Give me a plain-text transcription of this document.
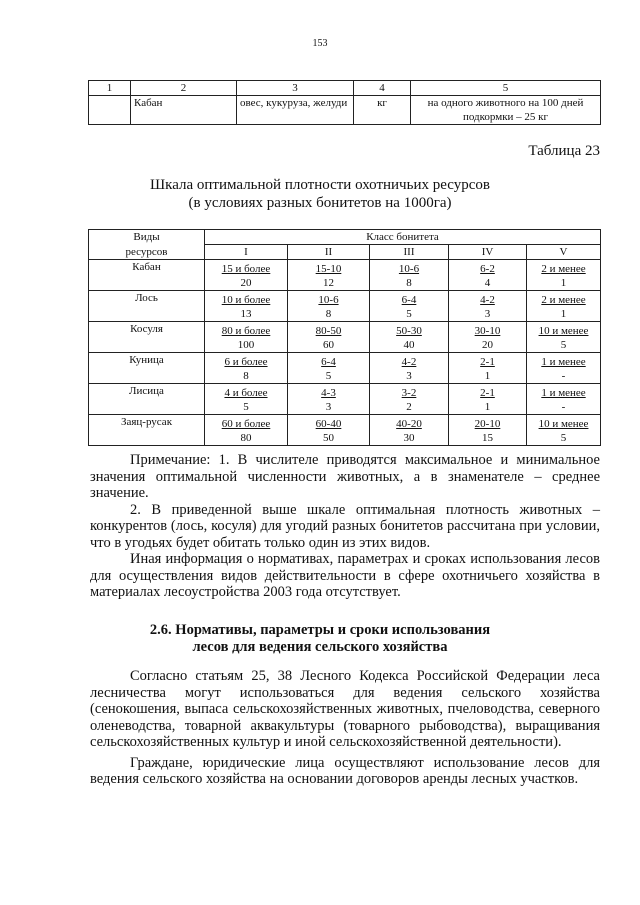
153
1	2	3	4	5
	Кабан	овес, кукуруза, желуди	кг	на одного животного на 100 дней подкормки – 25 кг
Таблица 23
Шкала оптимальной плотности охотничьих ресурсов
(в условиях разных бонитетов на 1000га)
Виды	Класс бонитета				
ресурсов	I	II	III	IV	V
Кабан	15 и более	15-10	10-6	6-2	2 и менее
	20	12	8	4	1
Лось	10 и более	10-6	6-4	4-2	2 и менее
	13	8	5	3	1
Косуля	80 и более	80-50	50-30	30-10	10 и менее
	100	60	40	20	5
Куница	6 и более	6-4	4-2	2-1	1 и менее
	8	5	3	1	-
Лисица	4 и более	4-3	3-2	2-1	1 и менее
	5	3	2	1	-
Заяц-русак	60 и более	60-40	40-20	20-10	10 и менее
	80	50	30	15	5

Примечание: 1. В числителе приводятся максимальное и минимальное значения оптимальной численности животных, а в знаменателе – среднее значение.

2. В приведенной выше шкале оптимальная плотность животных – конкурентов (лось, косуля) для угодий разных бонитетов рассчитана при условии, что в угодьях будет обитать только один из этих видов.

Иная информация о нормативах, параметрах и сроках использования лесов для осуществления видов действительности в сфере охотничьего хозяйства в материалах лесоустройства 2003 года отсутствует.

2.6. Нормативы, параметры и сроки использования
лесов для ведения сельского хозяйства

Согласно статьям 25, 38 Лесного Кодекса Российской Федерации леса лесничества могут использоваться для ведения сельского хозяйства (сенокошения, выпаса сельскохозяйственных животных, пчеловодства, северного оленеводства, товарной аквакультуры (товарного рыбоводства), выращивания сельскохозяйственных культур и иной сельскохозяйственной деятельности).

Граждане, юридические лица осуществляют использование лесов для ведения сельского хозяйства на основании договоров аренды лесных участков.
